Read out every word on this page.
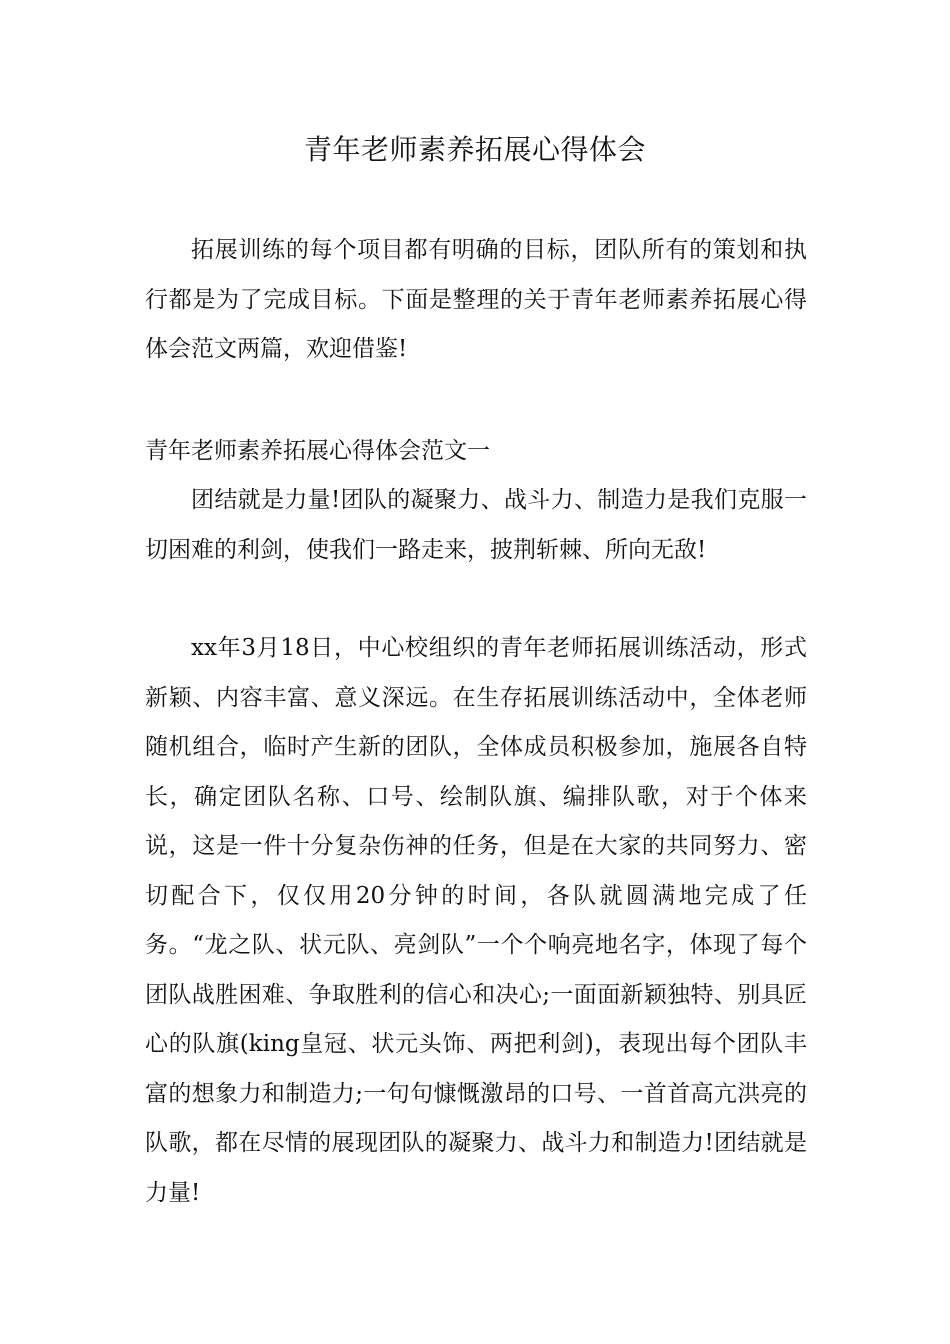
青年老师素养拓展心得体会

拓展训练的每个项目都有明确的目标，团队所有的策划和执行都是为了完成目标。下面是整理的关于青年老师素养拓展心得体会范文两篇，欢迎借鉴!

青年老师素养拓展心得体会范文一

团结就是力量!团队的凝聚力、战斗力、制造力是我们克服一切困难的利剑，使我们一路走来，披荆斩棘、所向无敌!

xx年3月18日，中心校组织的青年老师拓展训练活动，形式新颖、内容丰富、意义深远。在生存拓展训练活动中，全体老师随机组合，临时产生新的团队，全体成员积极参加，施展各自特长，确定团队名称、口号、绘制队旗、编排队歌，对于个体来说，这是一件十分复杂伤神的任务，但是在大家的共同努力、密切配合下，仅仅用20分钟的时间，各队就圆满地完成了任务。“龙之队、状元队、亮剑队”一个个响亮地名字，体现了每个团队战胜困难、争取胜利的信心和决心;一面面新颖独特、别具匠心的队旗(king皇冠、状元头饰、两把利剑)，表现出每个团队丰富的想象力和制造力;一句句慷慨激昂的口号、一首首高亢洪亮的队歌，都在尽情的展现团队的凝聚力、战斗力和制造力!团结就是力量!
